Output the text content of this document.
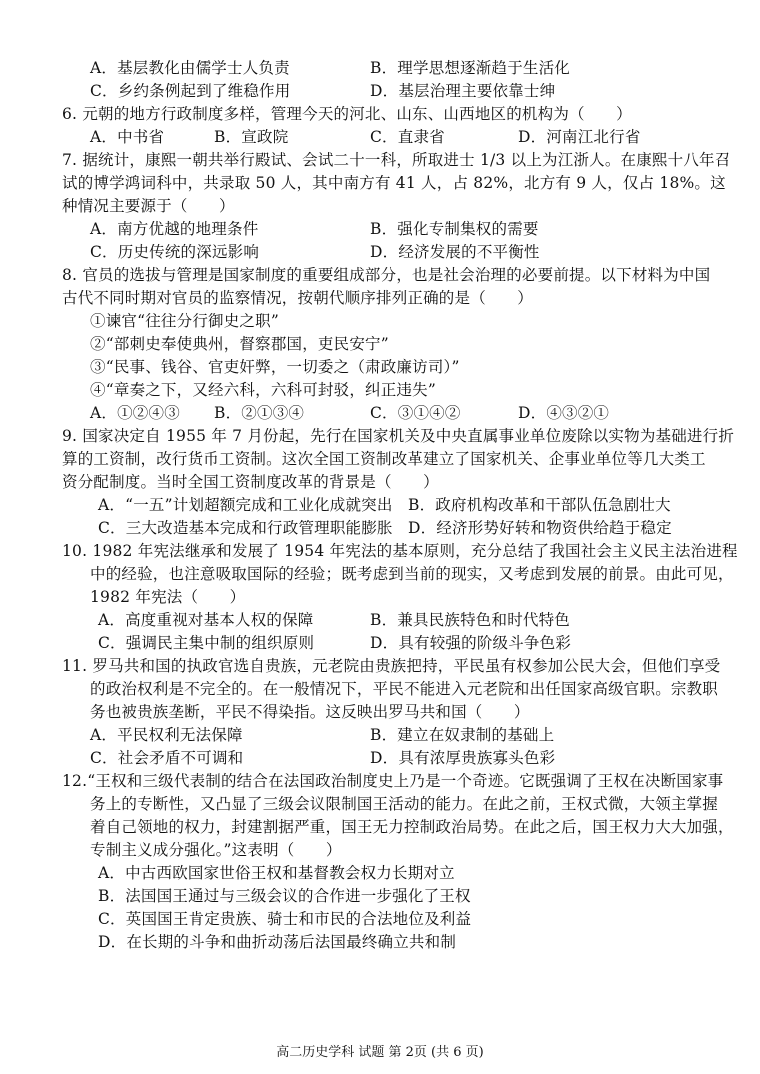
A．基层教化由儒学士人负责	B．理学思想逐渐趋于生活化
C．乡约条例起到了维稳作用	D．基层治理主要依靠士绅
6. 元朝的地方行政制度多样，管理今天的河北、山东、山西地区的机构为（　　）
A．中书省	B．宣政院	C．直隶省	D．河南江北行省
7. 据统计，康熙一朝共举行殿试、会试二十一科，所取进士 1/3 以上为江浙人。在康熙十八年召
试的博学鸿词科中，共录取 50 人，其中南方有 41 人，占 82%，北方有 9 人，仅占 18%。这
种情况主要源于（　　）
A．南方优越的地理条件	B．强化专制集权的需要
C．历史传统的深远影响	D．经济发展的不平衡性
8. 官员的选拔与管理是国家制度的重要组成部分，也是社会治理的必要前提。以下材料为中国
古代不同时期对官员的监察情况，按朝代顺序排列正确的是（　　）
①谏官“往往分行御史之职”
②“部刺史奉使典州，督察郡国，吏民安宁”
③“民事、钱谷、官吏奸弊，一切委之（肃政廉访司）”
④“章奏之下，又经六科，六科可封驳，纠正违失”
A．①②④③ B．②①③④	C．③①④②	D．④③②①
9. 国家决定自 1955 年 7 月份起，先行在国家机关及中央直属事业单位废除以实物为基础进行折
算的工资制，改行货币工资制。这次全国工资制改革建立了国家机关、企事业单位等几大类工
资分配制度。当时全国工资制度改革的背景是（　　）
A．“一五”计划超额完成和工业化成就突出 B．政府机构改革和干部队伍急剧壮大
C．三大改造基本完成和行政管理职能膨胀 D．经济形势好转和物资供给趋于稳定
10. 1982 年宪法继承和发展了 1954 年宪法的基本原则，充分总结了我国社会主义民主法治进程
中的经验，也注意吸取国际的经验；既考虑到当前的现实，又考虑到发展的前景。由此可见，
1982 年宪法（　　）
A．高度重视对基本人权的保障	B．兼具民族特色和时代特色
C．强调民主集中制的组织原则	D．具有较强的阶级斗争色彩
11. 罗马共和国的执政官选自贵族，元老院由贵族把持，平民虽有权参加公民大会，但他们享受
的政治权利是不完全的。在一般情况下，平民不能进入元老院和出任国家高级官职。宗教职
务也被贵族垄断，平民不得染指。这反映出罗马共和国（　　）
A．平民权利无法保障	B．建立在奴隶制的基础上
C．社会矛盾不可调和	D．具有浓厚贵族寡头色彩
12.“王权和三级代表制的结合在法国政治制度史上乃是一个奇迹。它既强调了王权在决断国家事
务上的专断性，又凸显了三级会议限制国王活动的能力。在此之前，王权式微，大领主掌握
着自己领地的权力，封建割据严重，国王无力控制政治局势。在此之后，国王权力大大加强，
专制主义成分强化。”这表明（　　）
A．中古西欧国家世俗王权和基督教会权力长期对立
B．法国国王通过与三级会议的合作进一步强化了王权
C．英国国王肯定贵族、骑士和市民的合法地位及利益
D．在长期的斗争和曲折动荡后法国最终确立共和制
高二历史学科 试题 第 2页 (共 6 页)
